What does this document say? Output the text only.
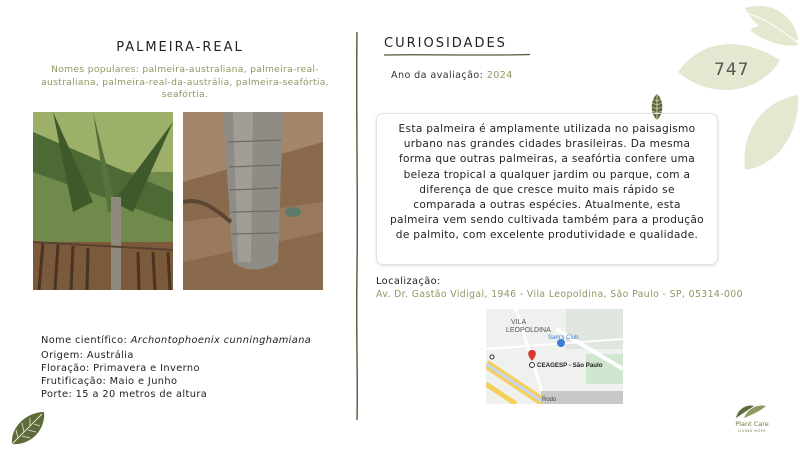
PALMEIRA-REAL
Nomes populares: palmeira-australiana, palmeira-real-australiana, palmeira-real-da-austrália, palmeira-seafórtia, seafórtia.
Nome científico: Archontophoenix cunninghamiana
Origem: Austrália
Floração: Primavera e Inverno
Frutificação: Maio e Junho
Porte: 15 a 20 metros de altura
CURIOSIDADES
Ano da avaliação: 2024
Esta palmeira é amplamente utilizada no paisagismo urbano nas grandes cidades brasileiras. Da mesma forma que outras palmeiras, a seafórtia confere uma beleza tropical a qualquer jardim ou parque, com a diferença de que cresce muito mais rápido se comparada a outras espécies. Atualmente, esta palmeira vem sendo cultivada também para a produção de palmito, com excelente produtividade e qualidade.
Localização:
Av. Dr. Gastão Vidigal, 1946 - Vila Leopoldina, São Paulo - SP, 05314-000
VILA
LEOPOLDINA
Sam's Club
CEAGESP - São Paulo
Rodo
747
Plant Care
LIVING HOPE
